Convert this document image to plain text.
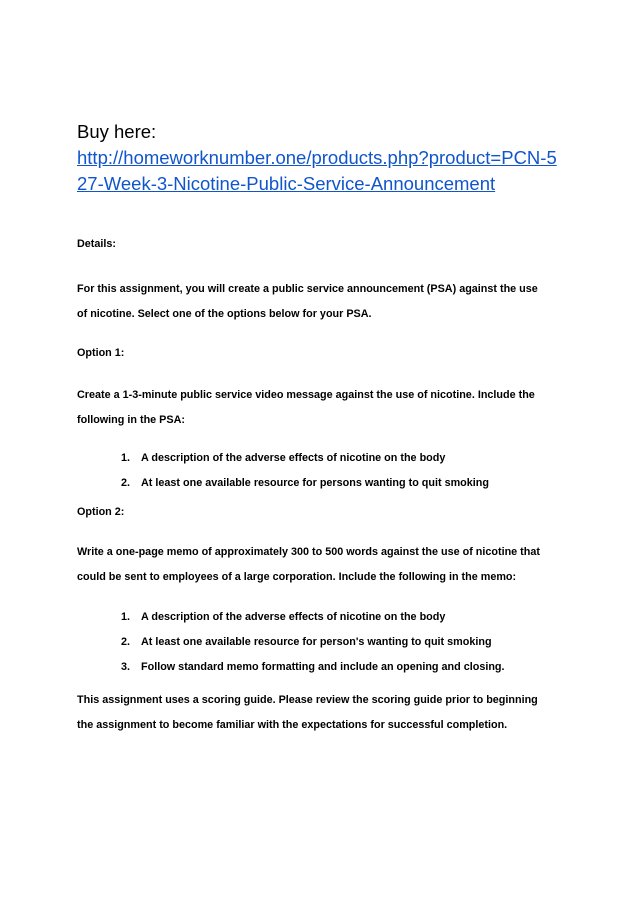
Buy here:
http://homeworknumber.one/products.php?product=PCN-527-Week-3-Nicotine-Public-Service-Announcement
Details:
For this assignment, you will create a public service announcement (PSA) against the use
of nicotine. Select one of the options below for your PSA.
Option 1:
Create a 1-3-minute public service video message against the use of nicotine. Include the
following in the PSA:
1. A description of the adverse effects of nicotine on the body
2. At least one available resource for persons wanting to quit smoking
Option 2:
Write a one-page memo of approximately 300 to 500 words against the use of nicotine that
could be sent to employees of a large corporation. Include the following in the memo:
1. A description of the adverse effects of nicotine on the body
2. At least one available resource for person's wanting to quit smoking
3. Follow standard memo formatting and include an opening and closing.
This assignment uses a scoring guide. Please review the scoring guide prior to beginning
the assignment to become familiar with the expectations for successful completion.
